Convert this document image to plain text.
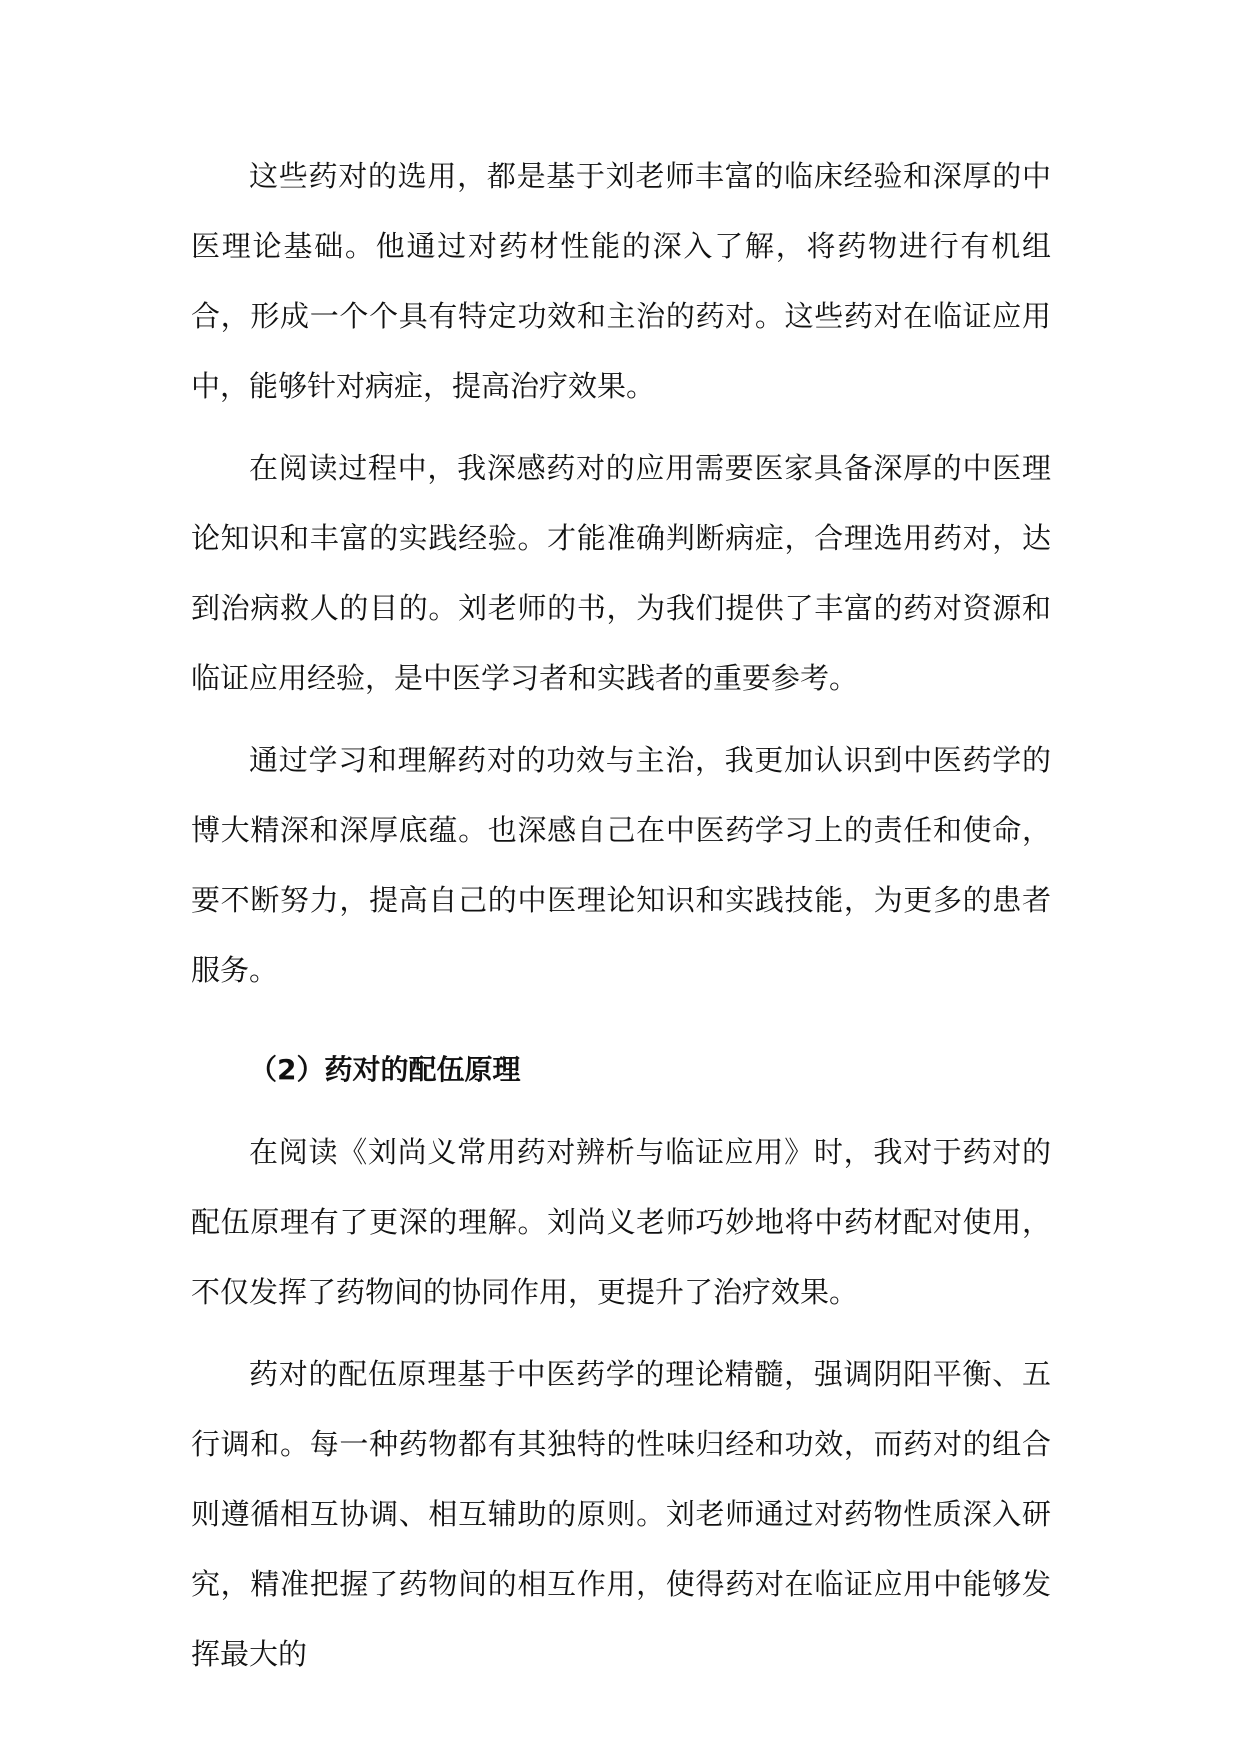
这些药对的选用，都是基于刘老师丰富的临床经验和深厚的中医理论基础。他通过对药材性能的深入了解，将药物进行有机组合，形成一个个具有特定功效和主治的药对。这些药对在临证应用中，能够针对病症，提高治疗效果。

在阅读过程中，我深感药对的应用需要医家具备深厚的中医理论知识和丰富的实践经验。才能准确判断病症，合理选用药对，达到治病救人的目的。刘老师的书，为我们提供了丰富的药对资源和临证应用经验，是中医学习者和实践者的重要参考。

通过学习和理解药对的功效与主治，我更加认识到中医药学的博大精深和深厚底蕴。也深感自己在中医药学习上的责任和使命，要不断努力，提高自己的中医理论知识和实践技能，为更多的患者服务。

（2）药对的配伍原理

在阅读《刘尚义常用药对辨析与临证应用》时，我对于药对的配伍原理有了更深的理解。刘尚义老师巧妙地将中药材配对使用，不仅发挥了药物间的协同作用，更提升了治疗效果。

药对的配伍原理基于中医药学的理论精髓，强调阴阳平衡、五行调和。每一种药物都有其独特的性味归经和功效，而药对的组合则遵循相互协调、相互辅助的原则。刘老师通过对药物性质深入研究，精准把握了药物间的相互作用，使得药对在临证应用中能够发挥最大的
